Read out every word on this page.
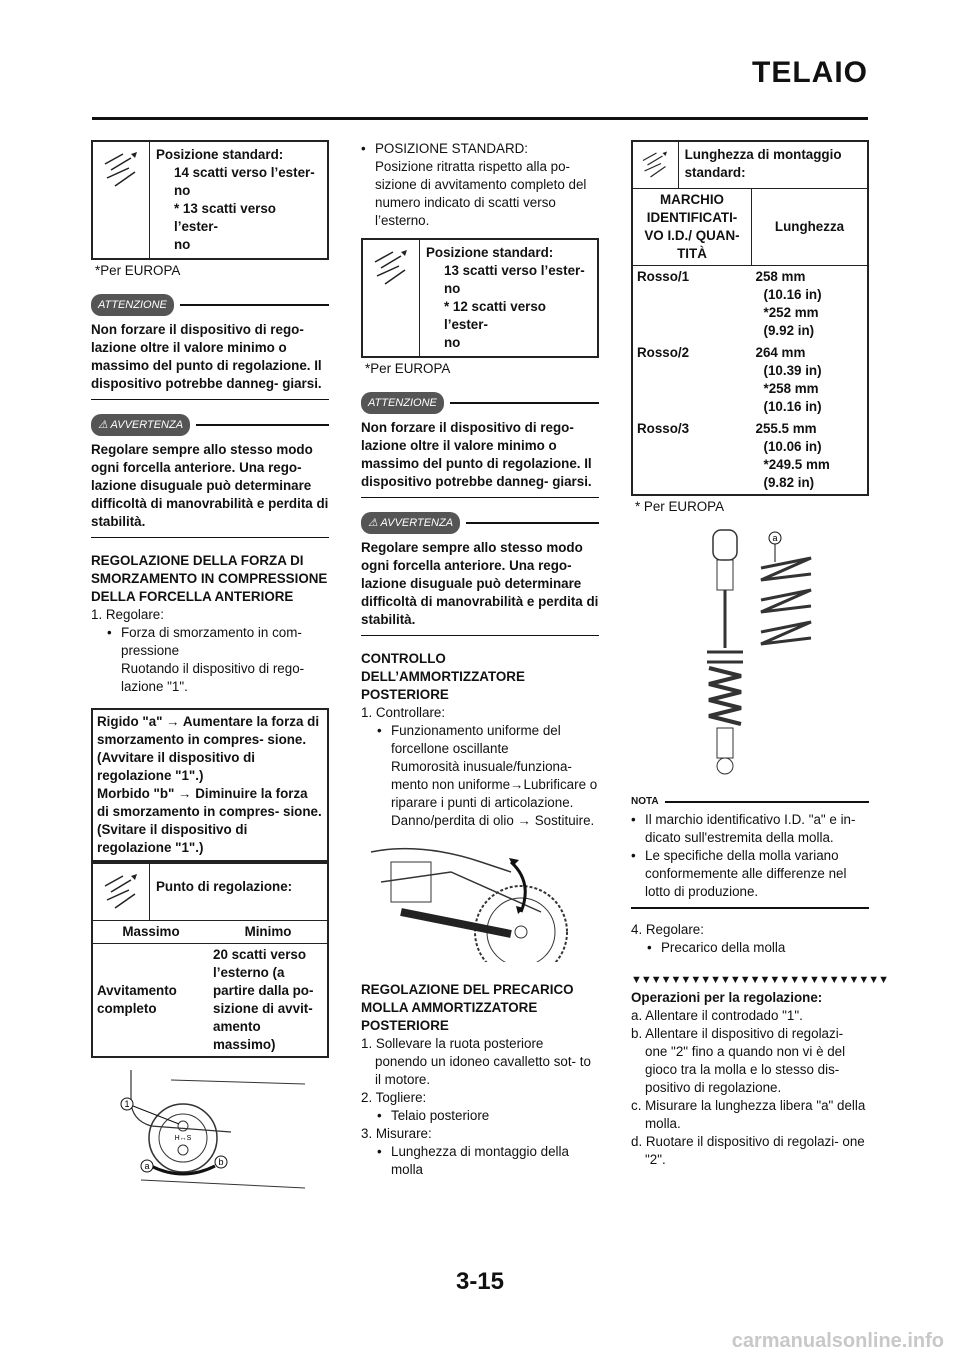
TELAIO
Posizione standard:
14 scatti verso l’ester-
no
* 13 scatti verso l’ester-
no
*Per EUROPA
ATTENZIONE
Non forzare il dispositivo di rego- lazione oltre il valore minimo o massimo del punto di regolazione. Il dispositivo potrebbe danneg- giarsi.
⚠ AVVERTENZA
Regolare sempre allo stesso modo ogni forcella anteriore. Una rego- lazione disuguale può determinare difficoltà di manovrabilità e perdita di stabilità.
REGOLAZIONE DELLA FORZA DI SMORZAMENTO IN COMPRESSIONE DELLA FORCELLA ANTERIORE
1. Regolare:
• Forza di smorzamento in com- pressione
Ruotando il dispositivo di rego- lazione "1".
Rigido "a" → Aumentare la forza di smorzamento in compres- sione. (Avvitare il dispositivo di regolazione "1".)
Morbido "b" → Diminuire la forza di smorzamento in compres- sione. (Svitare il dispositivo di regolazione "1".)
Punto di regolazione:
Massimo	Minimo
Avvitamento completo	20 scatti verso l’esterno (a partire dalla po- sizione di avvit- amento massimo)
H↔S
1
a	b
• POSIZIONE STANDARD:
Posizione ritratta rispetto alla po- sizione di avvitamento completo del numero indicato di scatti verso l’esterno.
Posizione standard:
13 scatti verso l’ester-
no
* 12 scatti verso l’ester-
no
*Per EUROPA
ATTENZIONE
Non forzare il dispositivo di rego- lazione oltre il valore minimo o massimo del punto di regolazione. Il dispositivo potrebbe danneg- giarsi.
⚠ AVVERTENZA
Regolare sempre allo stesso modo ogni forcella anteriore. Una rego- lazione disuguale può determinare difficoltà di manovrabilità e perdita di stabilità.
CONTROLLO DELL’AMMORTIZZATORE POSTERIORE
1. Controllare:
• Funzionamento uniforme del forcellone oscillante
Rumorosità inusuale/funziona- mento non uniforme→Lubrificare o riparare i punti di articolazione.
Danno/perdita di olio → Sostituire.
REGOLAZIONE DEL PRECARICO MOLLA AMMORTIZZATORE POSTERIORE
1. Sollevare la ruota posteriore ponendo un idoneo cavalletto sot- to il motore.
2. Togliere:
• Telaio posteriore
3. Misurare:
• Lunghezza di montaggio della molla
Lunghezza di montaggio standard:
MARCHIO IDENTIFICATI- VO I.D./ QUAN- TITÀ	Lunghezza
Rosso/1	258 mm
(10.16 in)
*252 mm
(9.92 in)

Rosso/2	264 mm
(10.39 in)
*258 mm
(10.16 in)

Rosso/3	255.5 mm
(10.06 in)
*249.5 mm
(9.82 in)
* Per EUROPA
a
NOTA
• Il marchio identificativo I.D. "a" e in- dicato sull'estremita della molla.
• Le specifiche della molla variano conformemente alle differenze nel lotto di produzione.
4. Regolare:
• Precarico della molla
▼▼▼▼▼▼▼▼▼▼▼▼▼▼▼▼▼▼▼▼▼▼▼▼▼▼
Operazioni per la regolazione:
a. Allentare il controdado "1".
b. Allentare il dispositivo di regolazi- one "2" fino a quando non vi è del gioco tra la molla e lo stesso dis- positivo di regolazione.
c. Misurare la lunghezza libera "a" della molla.
d. Ruotare il dispositivo di regolazi- one "2".
3-15
carmanualsonline.info
